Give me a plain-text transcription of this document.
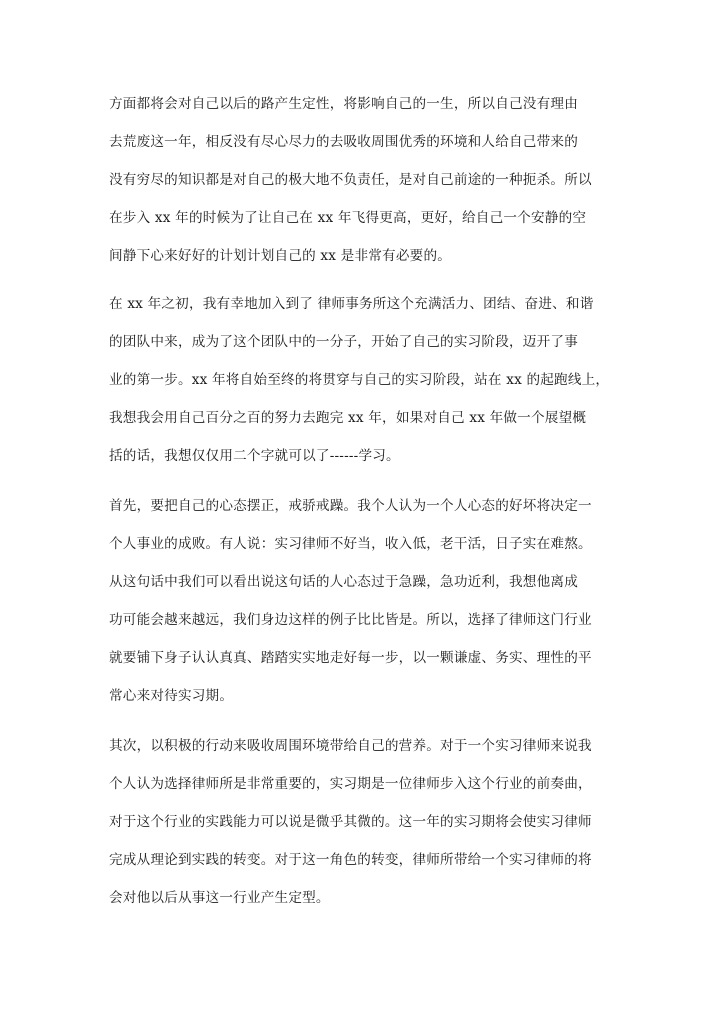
方面都将会对自己以后的路产生定性，将影响自己的一生，所以自己没有理由
去荒废这一年，相反没有尽心尽力的去吸收周围优秀的环境和人给自己带来的
没有穷尽的知识都是对自己的极大地不负责任，是对自己前途的一种扼杀。所以
在步入 xx 年的时候为了让自己在 xx 年飞得更高，更好，给自己一个安静的空
间静下心来好好的计划计划自己的 xx 是非常有必要的。
在 xx 年之初，我有幸地加入到了 律师事务所这个充满活力、团结、奋进、和谐
的团队中来，成为了这个团队中的一分子，开始了自己的实习阶段，迈开了事
业的第一步。xx 年将自始至终的将贯穿与自己的实习阶段，站在 xx 的起跑线上，
我想我会用自己百分之百的努力去跑完 xx 年，如果对自己 xx 年做一个展望概
括的话，我想仅仅用二个字就可以了------学习。
首先，要把自己的心态摆正，戒骄戒躁。我个人认为一个人心态的好坏将决定一
个人事业的成败。有人说：实习律师不好当，收入低，老干活，日子实在难熬。
从这句话中我们可以看出说这句话的人心态过于急躁，急功近利，我想他离成
功可能会越来越远，我们身边这样的例子比比皆是。所以，选择了律师这门行业
就要铺下身子认认真真、踏踏实实地走好每一步，以一颗谦虚、务实、理性的平
常心来对待实习期。
其次，以积极的行动来吸收周围环境带给自己的营养。对于一个实习律师来说我
个人认为选择律师所是非常重要的，实习期是一位律师步入这个行业的前奏曲，
对于这个行业的实践能力可以说是微乎其微的。这一年的实习期将会使实习律师
完成从理论到实践的转变。对于这一角色的转变，律师所带给一个实习律师的将
会对他以后从事这一行业产生定型。
